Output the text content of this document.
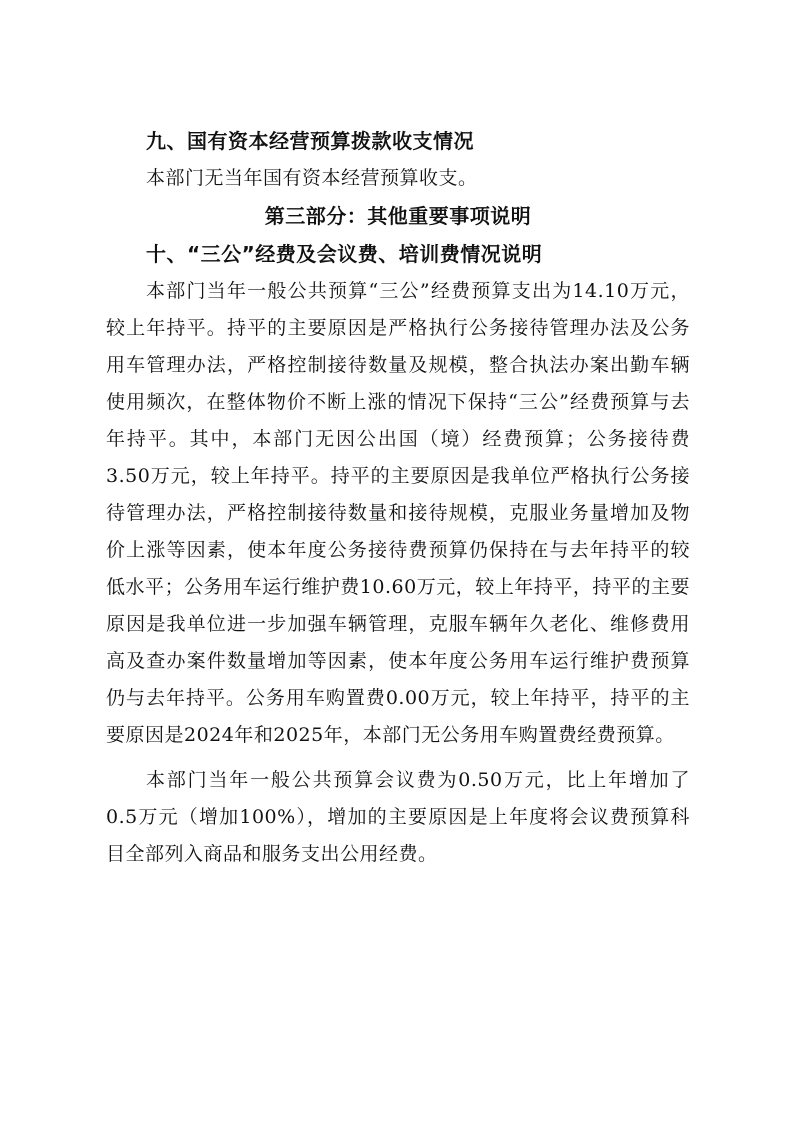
九、国有资本经营预算拨款收支情况

本部门无当年国有资本经营预算收支。

第三部分：其他重要事项说明
十、“三公”经费及会议费、培训费情况说明

本部门当年一般公共预算“三公”经费预算支出为14.10万元，较上年持平。持平的主要原因是严格执行公务接待管理办法及公务用车管理办法，严格控制接待数量及规模，整合执法办案出勤车辆使用频次，在整体物价不断上涨的情况下保持“三公”经费预算与去年持平。其中，本部门无因公出国（境）经费预算；公务接待费3.50万元，较上年持平。持平的主要原因是我单位严格执行公务接待管理办法，严格控制接待数量和接待规模，克服业务量增加及物价上涨等因素，使本年度公务接待费预算仍保持在与去年持平的较低水平；公务用车运行维护费10.60万元，较上年持平，持平的主要原因是我单位进一步加强车辆管理，克服车辆年久老化、维修费用高及查办案件数量增加等因素，使本年度公务用车运行维护费预算仍与去年持平。公务用车购置费0.00万元，较上年持平，持平的主要原因是2024年和2025年，本部门无公务用车购置费经费预算。

本部门当年一般公共预算会议费为0.50万元，比上年增加了0.5万元（增加100%），增加的主要原因是上年度将会议费预算科目全部列入商品和服务支出公用经费。
